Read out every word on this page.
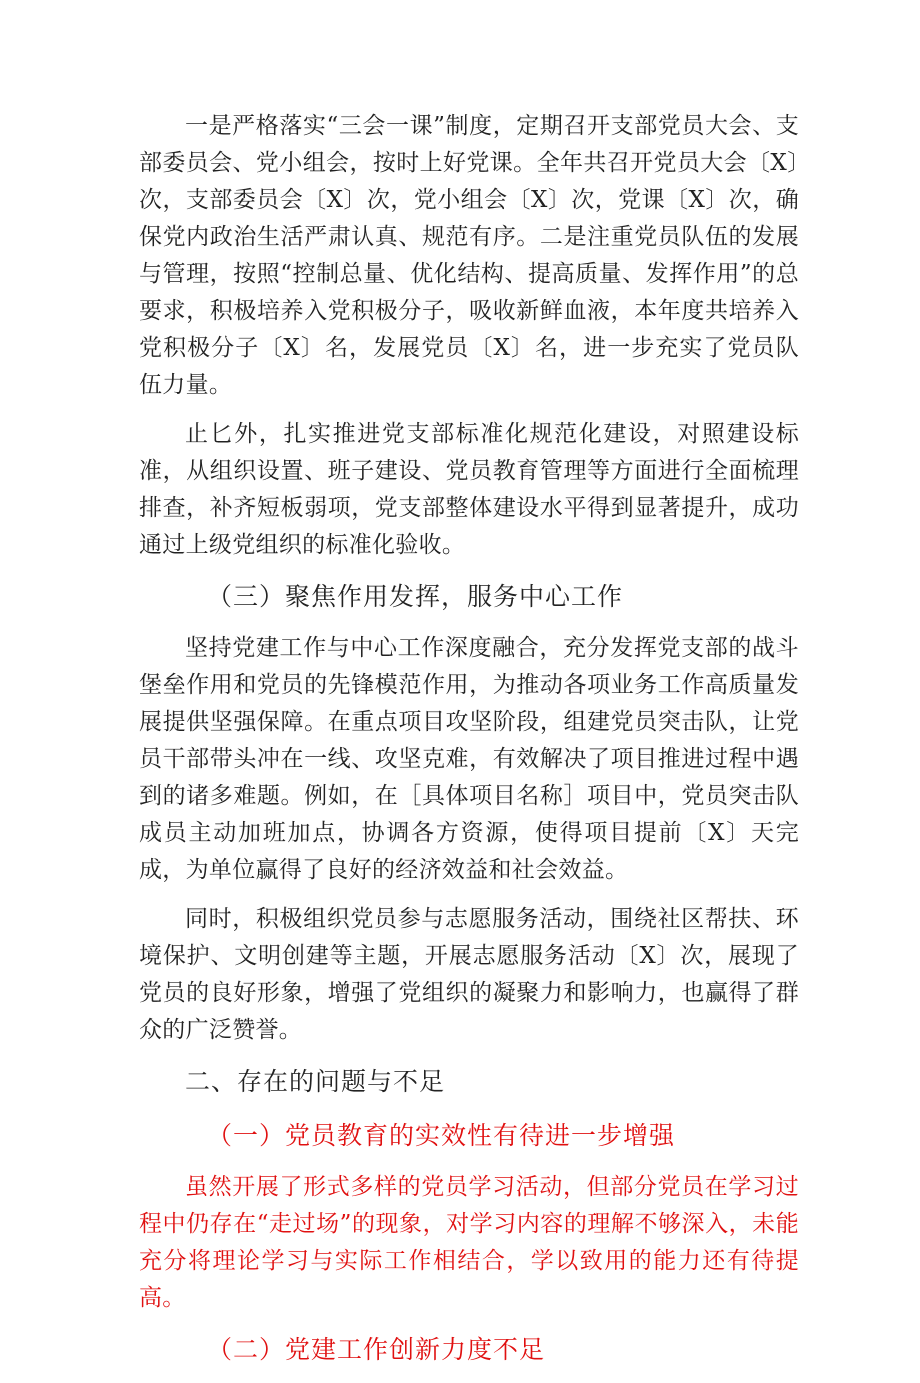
一是严格落实“三会一课”制度，定期召开支部党员大会、支部委员会、党小组会，按时上好党课。全年共召开党员大会〔X〕次，支部委员会〔X〕次，党小组会〔X〕次，党课〔X〕次，确保党内政治生活严肃认真、规范有序。二是注重党员队伍的发展与管理，按照“控制总量、优化结构、提高质量、发挥作用”的总要求，积极培养入党积极分子，吸收新鲜血液，本年度共培养入党积极分子〔X〕名，发展党员〔X〕名，进一步充实了党员队伍力量。

止匕外，扎实推进党支部标准化规范化建设，对照建设标准，从组织设置、班子建设、党员教育管理等方面进行全面梳理排查，补齐短板弱项，党支部整体建设水平得到显著提升，成功通过上级党组织的标准化验收。

（三）聚焦作用发挥，服务中心工作

坚持党建工作与中心工作深度融合，充分发挥党支部的战斗堡垒作用和党员的先锋模范作用，为推动各项业务工作高质量发展提供坚强保障。在重点项目攻坚阶段，组建党员突击队，让党员干部带头冲在一线、攻坚克难，有效解决了项目推进过程中遇到的诸多难题。例如，在［具体项目名称］项目中，党员突击队成员主动加班加点，协调各方资源，使得项目提前〔X〕天完成，为单位赢得了良好的经济效益和社会效益。

同时，积极组织党员参与志愿服务活动，围绕社区帮扶、环境保护、文明创建等主题，开展志愿服务活动〔X〕次，展现了党员的良好形象，增强了党组织的凝聚力和影响力，也赢得了群众的广泛赞誉。

二、存在的问题与不足
（一）党员教育的实效性有待进一步增强

虽然开展了形式多样的党员学习活动，但部分党员在学习过程中仍存在“走过场”的现象，对学习内容的理解不够深入，未能充分将理论学习与实际工作相结合，学以致用的能力还有待提高。

（二）党建工作创新力度不足
